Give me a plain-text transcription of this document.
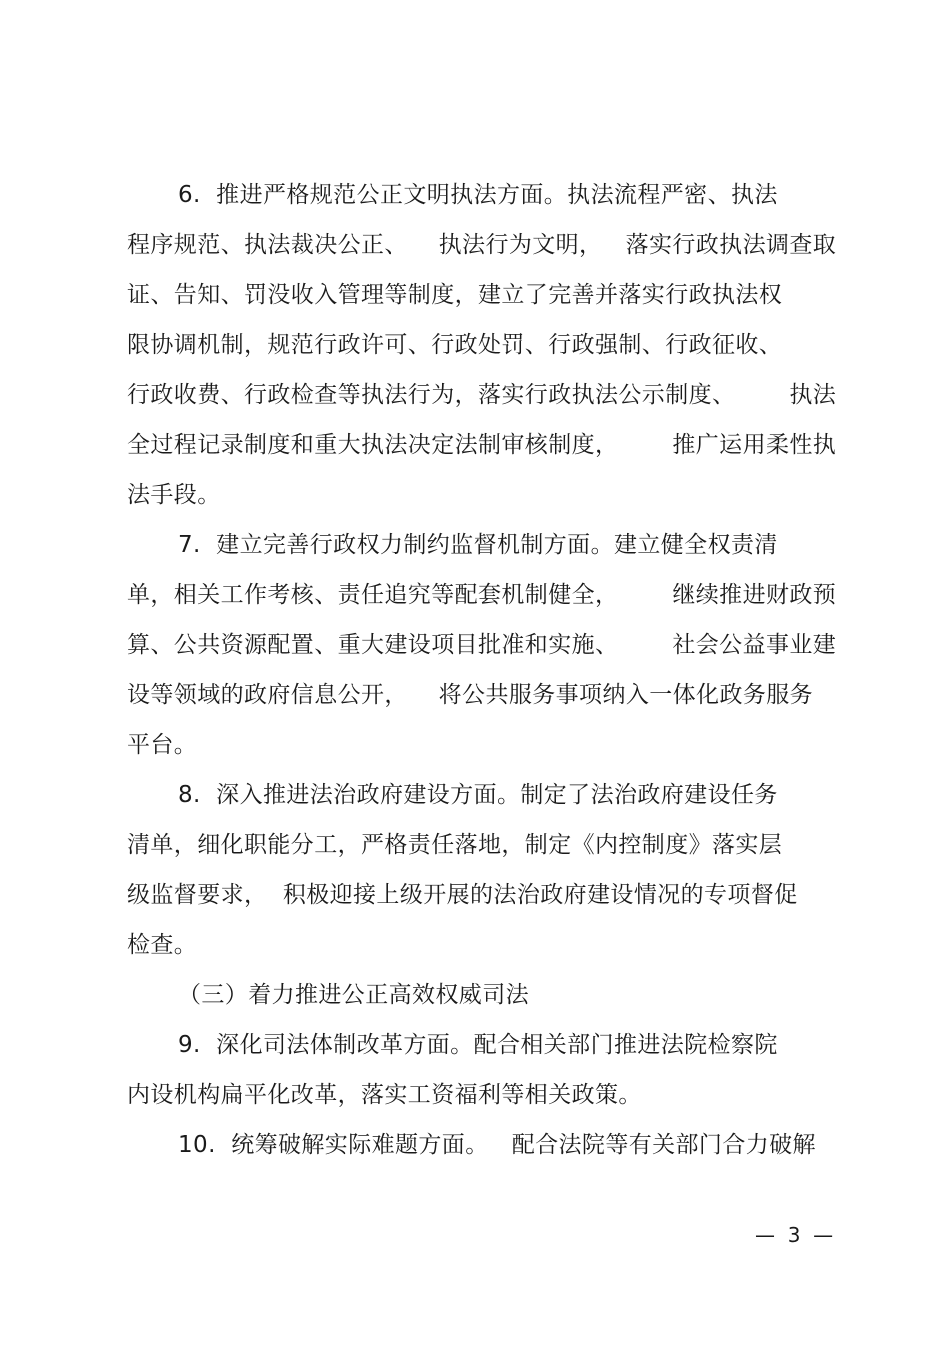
6.  推进严格规范公正文明执法方面。执法流程严密、执法
程序规范、执法裁决公正、    执法行为文明，   落实行政执法调查取
证、告知、罚没收入管理等制度，建立了完善并落实行政执法权
限协调机制，规范行政许可、行政处罚、行政强制、行政征收、
行政收费、行政检查等执法行为，落实行政执法公示制度、       执法
全过程记录制度和重大执法决定法制审核制度，       推广运用柔性执
法手段。
7.  建立完善行政权力制约监督机制方面。建立健全权责清
单，相关工作考核、责任追究等配套机制健全，       继续推进财政预
算、公共资源配置、重大建设项目批准和实施、       社会公益事业建
设等领域的政府信息公开，    将公共服务事项纳入一体化政务服务
平台。
8.  深入推进法治政府建设方面。制定了法治政府建设任务
清单，细化职能分工，严格责任落地，制定《内控制度》落实层
级监督要求，  积极迎接上级开展的法治政府建设情况的专项督促
检查。
（三）着力推进公正高效权威司法
9.  深化司法体制改革方面。配合相关部门推进法院检察院
内设机构扁平化改革，落实工资福利等相关政策。
10.  统筹破解实际难题方面。   配合法院等有关部门合力破解
—  3  —
